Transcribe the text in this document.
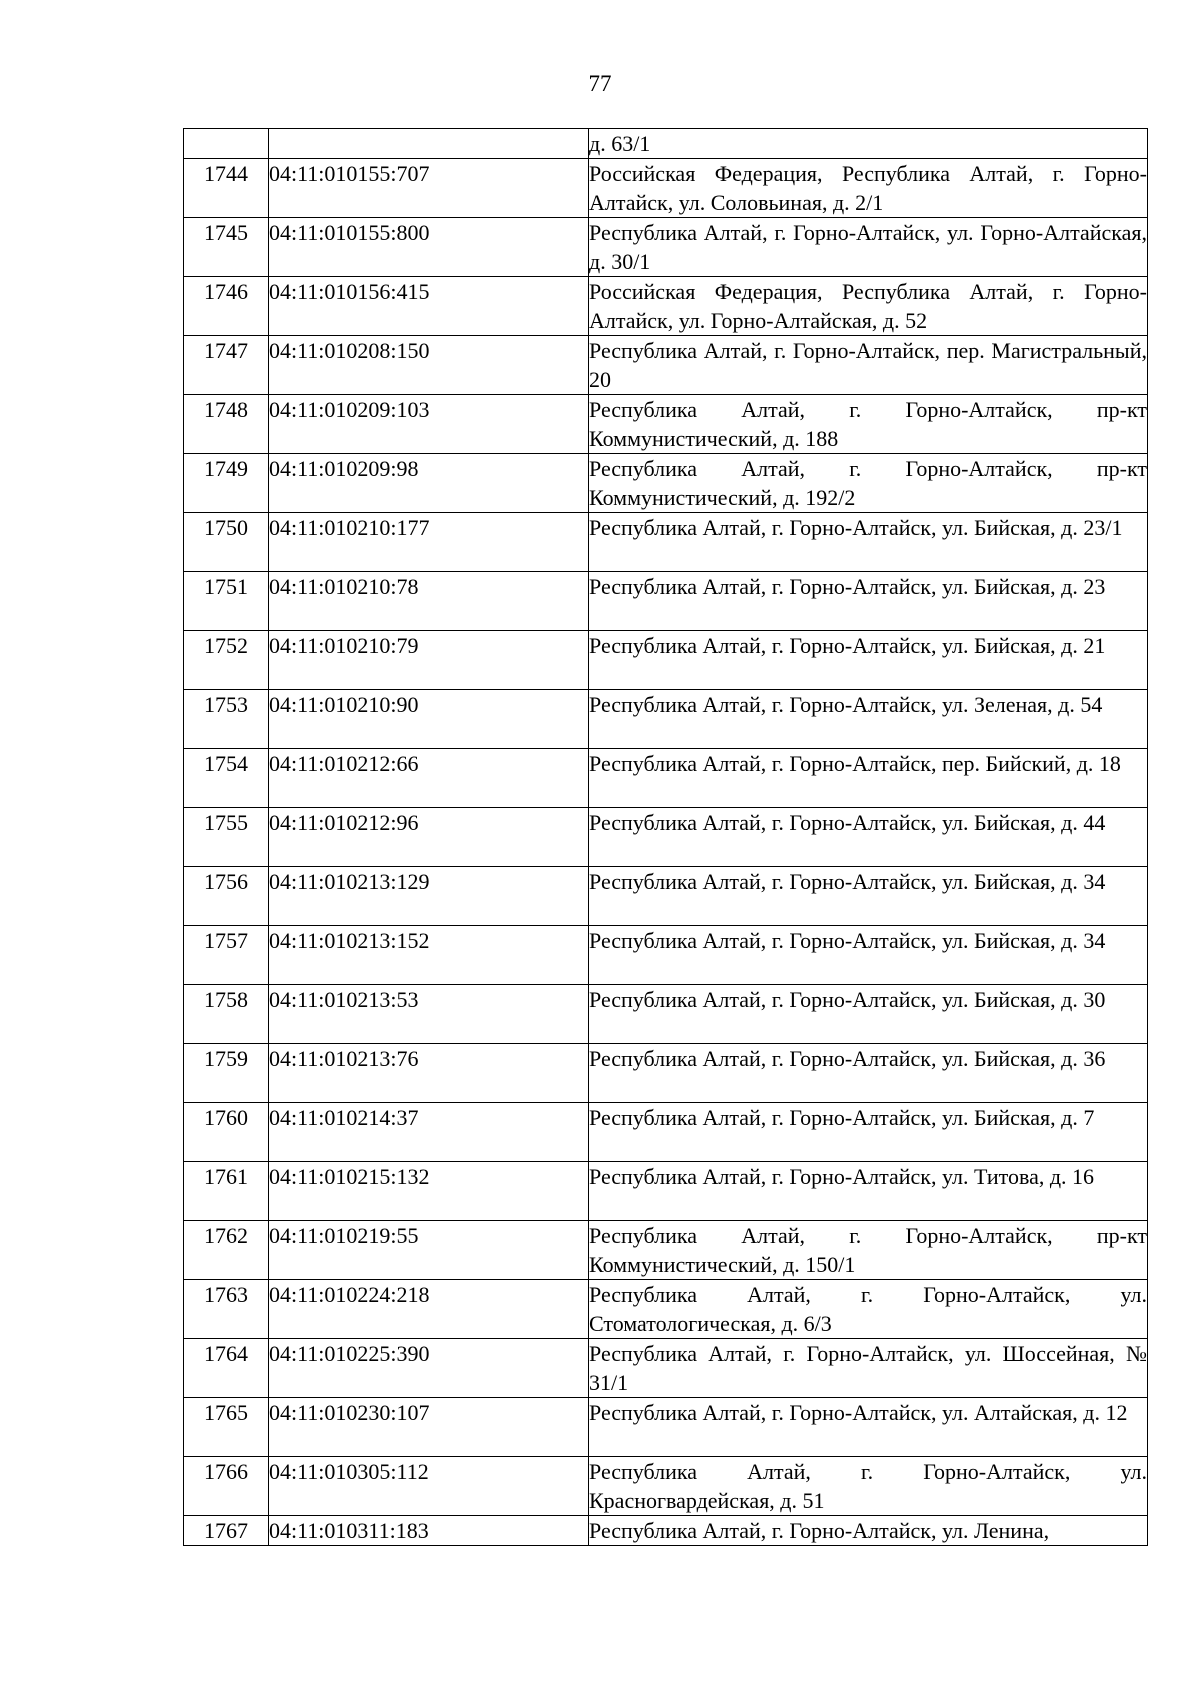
77
		д. 63/1
1744	04:11:010155:707	Российская Федерация, Республика Алтай, г. Горно-Алтайск, ул. Соловьиная, д. 2/1
1745	04:11:010155:800	Республика Алтай, г. Горно-Алтайск, ул. Горно-Алтайская, д. 30/1
1746	04:11:010156:415	Российская Федерация, Республика Алтай, г. Горно-Алтайск, ул. Горно-Алтайская, д. 52
1747	04:11:010208:150	Республика Алтай, г. Горно-Алтайск, пер. Магистральный, 20
1748	04:11:010209:103	Республика Алтай, г. Горно-Алтайск, пр-кт Коммунистический, д. 188
1749	04:11:010209:98	Республика Алтай, г. Горно-Алтайск, пр-кт Коммунистический, д. 192/2
1750	04:11:010210:177	Республика Алтай, г. Горно-Алтайск, ул. Бийская, д. 23/1
1751	04:11:010210:78	Республика Алтай, г. Горно-Алтайск, ул. Бийская, д. 23
1752	04:11:010210:79	Республика Алтай, г. Горно-Алтайск, ул. Бийская, д. 21
1753	04:11:010210:90	Республика Алтай, г. Горно-Алтайск, ул. Зеленая, д. 54
1754	04:11:010212:66	Республика Алтай, г. Горно-Алтайск, пер. Бийский, д. 18
1755	04:11:010212:96	Республика Алтай, г. Горно-Алтайск, ул. Бийская, д. 44
1756	04:11:010213:129	Республика Алтай, г. Горно-Алтайск, ул. Бийская, д. 34
1757	04:11:010213:152	Республика Алтай, г. Горно-Алтайск, ул. Бийская, д. 34
1758	04:11:010213:53	Республика Алтай, г. Горно-Алтайск, ул. Бийская, д. 30
1759	04:11:010213:76	Республика Алтай, г. Горно-Алтайск, ул. Бийская, д. 36
1760	04:11:010214:37	Республика Алтай, г. Горно-Алтайск, ул. Бийская, д. 7
1761	04:11:010215:132	Республика Алтай, г. Горно-Алтайск, ул. Титова, д. 16
1762	04:11:010219:55	Республика Алтай, г. Горно-Алтайск, пр-кт Коммунистический, д. 150/1
1763	04:11:010224:218	Республика Алтай, г. Горно-Алтайск, ул. Стоматологическая, д. 6/3
1764	04:11:010225:390	Республика Алтай, г. Горно-Алтайск, ул. Шоссейная, № 31/1
1765	04:11:010230:107	Республика Алтай, г. Горно-Алтайск, ул. Алтайская, д. 12
1766	04:11:010305:112	Республика Алтай, г. Горно-Алтайск, ул. Красногвардейская, д. 51
1767	04:11:010311:183	Республика Алтай, г. Горно-Алтайск, ул. Ленина,
